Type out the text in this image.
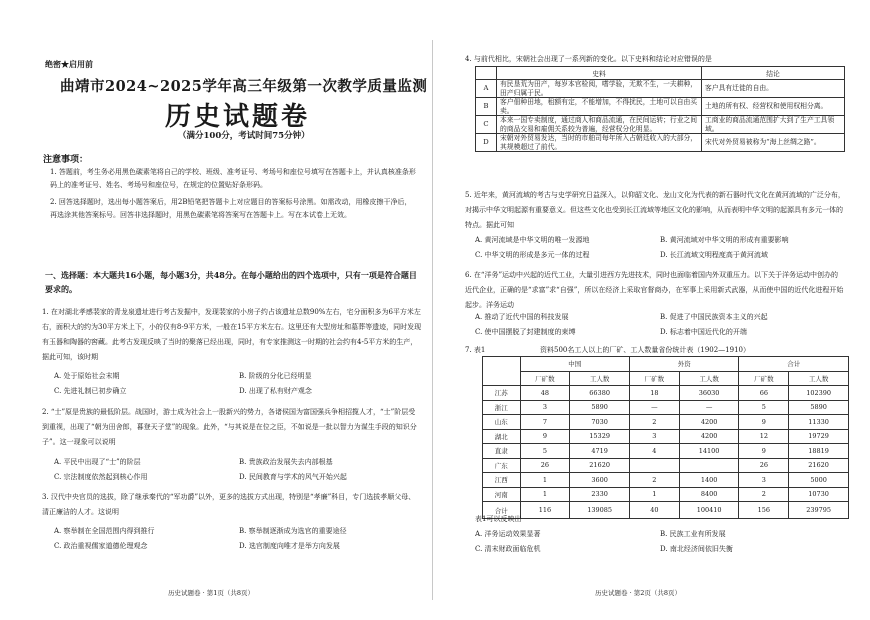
绝密★启用前
曲靖市2024~2025学年高三年级第一次教学质量监测
历史试题卷
（满分100分，考试时间75分钟）
注意事项：
1. 答题前，考生务必用黑色碳素笔将自己的学校、班级、准考证号、考场号和座位号填写在答题卡上，并认真核准条形码上的准考证号、姓名、考场号和座位号，在规定的位置贴好条形码。
2. 回答选择题时，选出每小题答案后，用2B铅笔把答题卡上对应题目的答案标号涂黑。如需改动，用橡皮擦干净后，再选涂其他答案标号。回答非选择题时，用黑色碳素笔将答案写在答题卡上。写在本试卷上无效。
一、选择题：本大题共16小题，每小题3分，共48分。在每小题给出的四个选项中，只有一项是符合题目要求的。
1. 在对湖北孝感裴家的青龙泉遗址进行考古发掘中，发现裴家的小房子约占该遗址总数90%左右，宅分面积多为6平方米左右，面积大的约为30平方米上下，小的仅有8-9平方米，一般在15平方米左右。这里还有大型房址和墓葬等遗迹，同时发现有玉器和陶器的窖藏。此考古发现反映了当时的聚落已经出现，同时，有专家推测这一时期的社会约有4-5平方米的生产，据此可知，该时期
A. 处于原始社会末期	B. 阶级的分化已经明显
C. 先进礼制已初步确立	D. 出现了私有财产观念
2. “士”原是贵族的最低阶层。战国时，游士成为社会上一股新兴的势力，各诸侯国为富国强兵争相招揽人才，“士”阶层受到重视，出现了“朝为田舍郎，暮登天子堂”的现象。此外，“与其说是在位之臣，不如说是一批以智力为谋生手段的知识分子”。这一现象可以说明
A. 平民中出现了“士”的阶层	B. 贵族政治发展失去内部根基
C. 宗法制度依然起到核心作用	D. 民间教育与学术的风气开始兴起
3. 汉代中央官员的选拔，除了继承秦代的“军功爵”以外，更多的选拔方式出现，特别是“孝廉”科目，专门选拔孝顺父母、清正廉洁的人才。这说明
A. 察举制在全国范围内得到推行	B. 察举制逐渐成为选官的重要途径
C. 政治重视儒家道德伦理观念	D. 选官制度向唯才是举方向发展
历史试题卷 · 第1页（共8页）
4. 与前代相比，宋朝社会出现了一系列新的变化。以下史料和结论对应错误的是
	史料	结论
A	有民垦荒为田产，每岁本官检阅，嗜学验，无欺不生，一夫耕种，田产归属于民。	客户具有迁徙的自由。
B	客户佃种田地，租额有定，不能增加，不得扰民，土地可以自由买卖。	土地的所有权、经营权和使用权相分离。
C	本来一国专卖制度，通过商人和商品流通，在民间运转；行业之间的商品交易和雇佣关系较为普遍，经营权分化明显。	工商业的商品流通范围扩大到了生产工具领域。
D	宋朝对外贸易发达，当时的市舶司每年所入占朝廷收入的大部分，其规模超过了前代。	宋代对外贸易被称为“海上丝绸之路”。
5. 近年来，黄河流域的考古与史学研究日益深入，以仰韶文化、龙山文化为代表的新石器时代文化在黄河流域的广泛分布，对揭示中华文明起源有重要意义。但这些文化也受到长江流域等地区文化的影响，从而表明中华文明的起源具有多元一体的特点。据此可知
A. 黄河流域是中华文明的唯一发源地	B. 黄河流域对中华文明的形成有重要影响
C. 中华文明的形成是多元一体的过程	D. 长江流域文明程度高于黄河流域
6. 在“洋务”运动中兴起的近代工业，大量引进西方先进技术，同时也面临着国内外双重压力。以下关于洋务运动中创办的近代企业，正确的是“求富”求“自强”，所以在经济上采取官督商办，在军事上采用新式武器，从而使中国的近代化进程开始起步。洋务运动
A. 推动了近代中国的科技发展	B. 促进了中国民族资本主义的兴起
C. 使中国摆脱了封建制度的束缚	D. 标志着中国近代化的开端
7. 表1	资料500名工人以上的厂矿、工人数量省份统计表（1902—1910）
	中国		外资		合计	
	厂矿数	工人数	厂矿数	工人数	厂矿数	工人数
江苏	48	66380	18	36030	66	102390
浙江	3	5890	—	—	5	5890
山东	7	7030	2	4200	9	11330
湖北	9	15329	3	4200	12	19729
直隶	5	4719	4	14100	9	18819
广东	26	21620			26	21620
江西	1	3600	2	1400	3	5000
河南	1	2330	1	8400	2	10730
合计	116	139085	40	100410	156	239795
表1可以反映出
A. 洋务运动效果显著	B. 民族工业有所发展
C. 清末财政面临危机	D. 南北经济间依旧失衡
历史试题卷 · 第2页（共8页）
